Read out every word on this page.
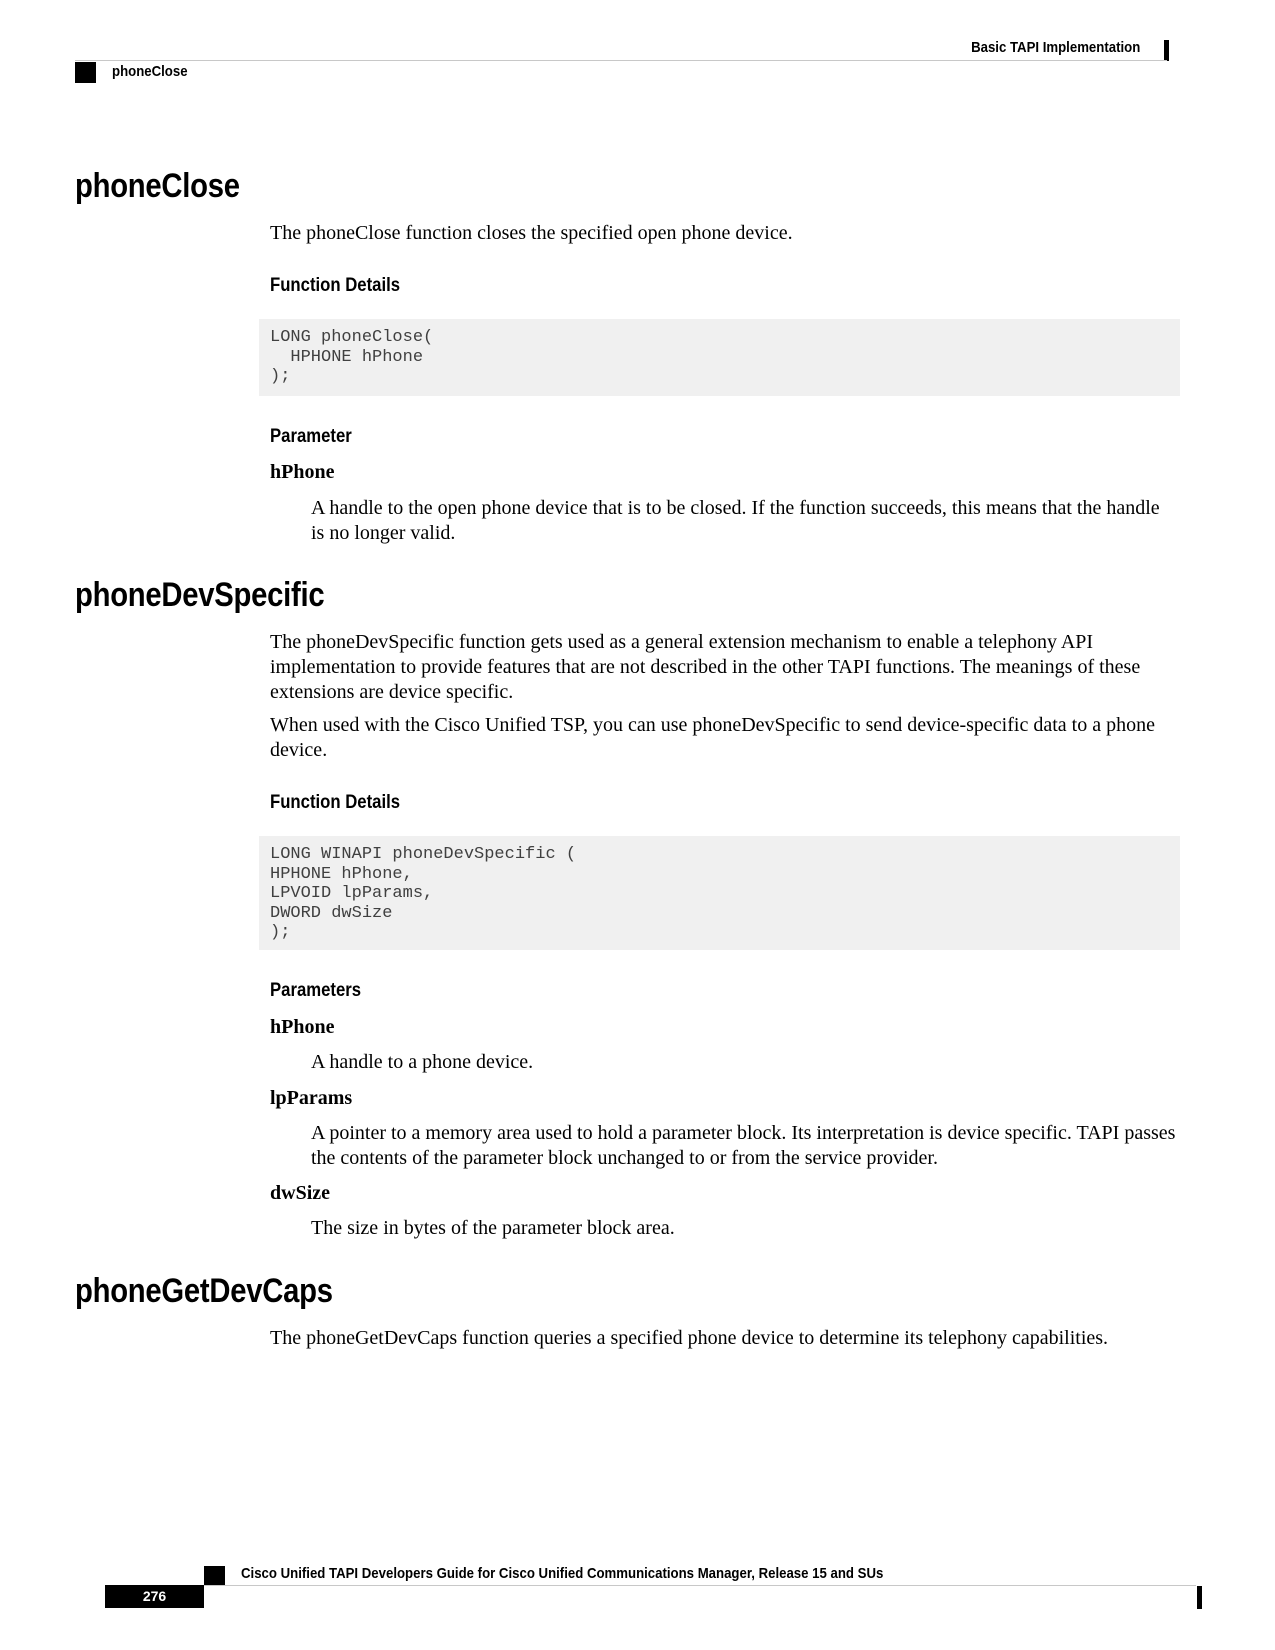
Basic TAPI Implementation
phoneClose
phoneClose

The phoneClose function closes the specified open phone device.

Function Details
LONG phoneClose(
HPHONE hPhone
);
Parameter

hPhone

A handle to the open phone device that is to be closed. If the function succeeds, this means that the handle is no longer valid.

phoneDevSpecific

The phoneDevSpecific function gets used as a general extension mechanism to enable a telephony API implementation to provide features that are not described in the other TAPI functions. The meanings of these extensions are device specific.

When used with the Cisco Unified TSP, you can use phoneDevSpecific to send device-specific data to a phone device.

Function Details
LONG WINAPI phoneDevSpecific (
HPHONE hPhone,
LPVOID lpParams,
DWORD dwSize
);
Parameters

hPhone

A handle to a phone device.

lpParams

A pointer to a memory area used to hold a parameter block. Its interpretation is device specific. TAPI passes the contents of the parameter block unchanged to or from the service provider.

dwSize

The size in bytes of the parameter block area.

phoneGetDevCaps

The phoneGetDevCaps function queries a specified phone device to determine its telephony capabilities.

Cisco Unified TAPI Developers Guide for Cisco Unified Communications Manager, Release 15 and SUs
276
